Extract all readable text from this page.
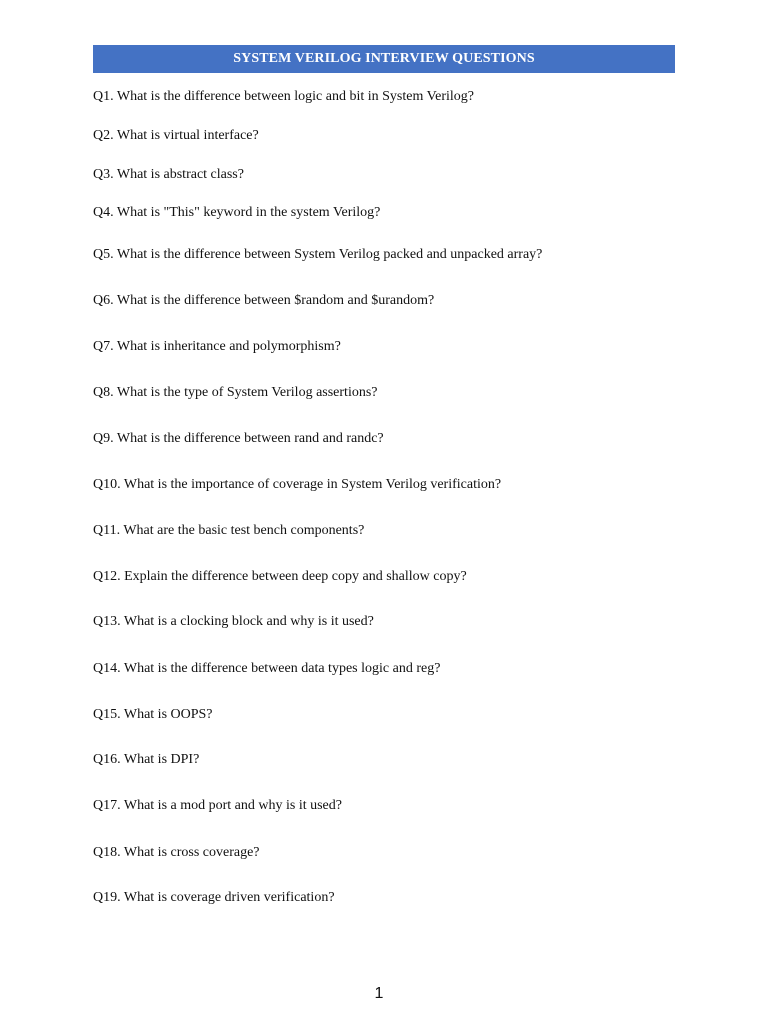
SYSTEM VERILOG INTERVIEW QUESTIONS
Q1. What is the difference between logic and bit in System Verilog?
Q2. What is virtual interface?
Q3. What is abstract class?
Q4. What is "This" keyword in the system Verilog?
Q5. What is the difference between System Verilog packed and unpacked array?
Q6. What is the difference between $random and $urandom?
Q7. What is inheritance and polymorphism?
Q8. What is the type of System Verilog assertions?
Q9. What is the difference between rand and randc?
Q10. What is the importance of coverage in System Verilog verification?
Q11. What are the basic test bench components?
Q12. Explain the difference between deep copy and shallow copy?
Q13. What is a clocking block and why is it used?
Q14. What is the difference between data types logic and reg?
Q15. What is OOPS?
Q16. What is DPI?
Q17. What is a mod port and why is it used?
Q18. What is cross coverage?
Q19. What is coverage driven verification?
1
